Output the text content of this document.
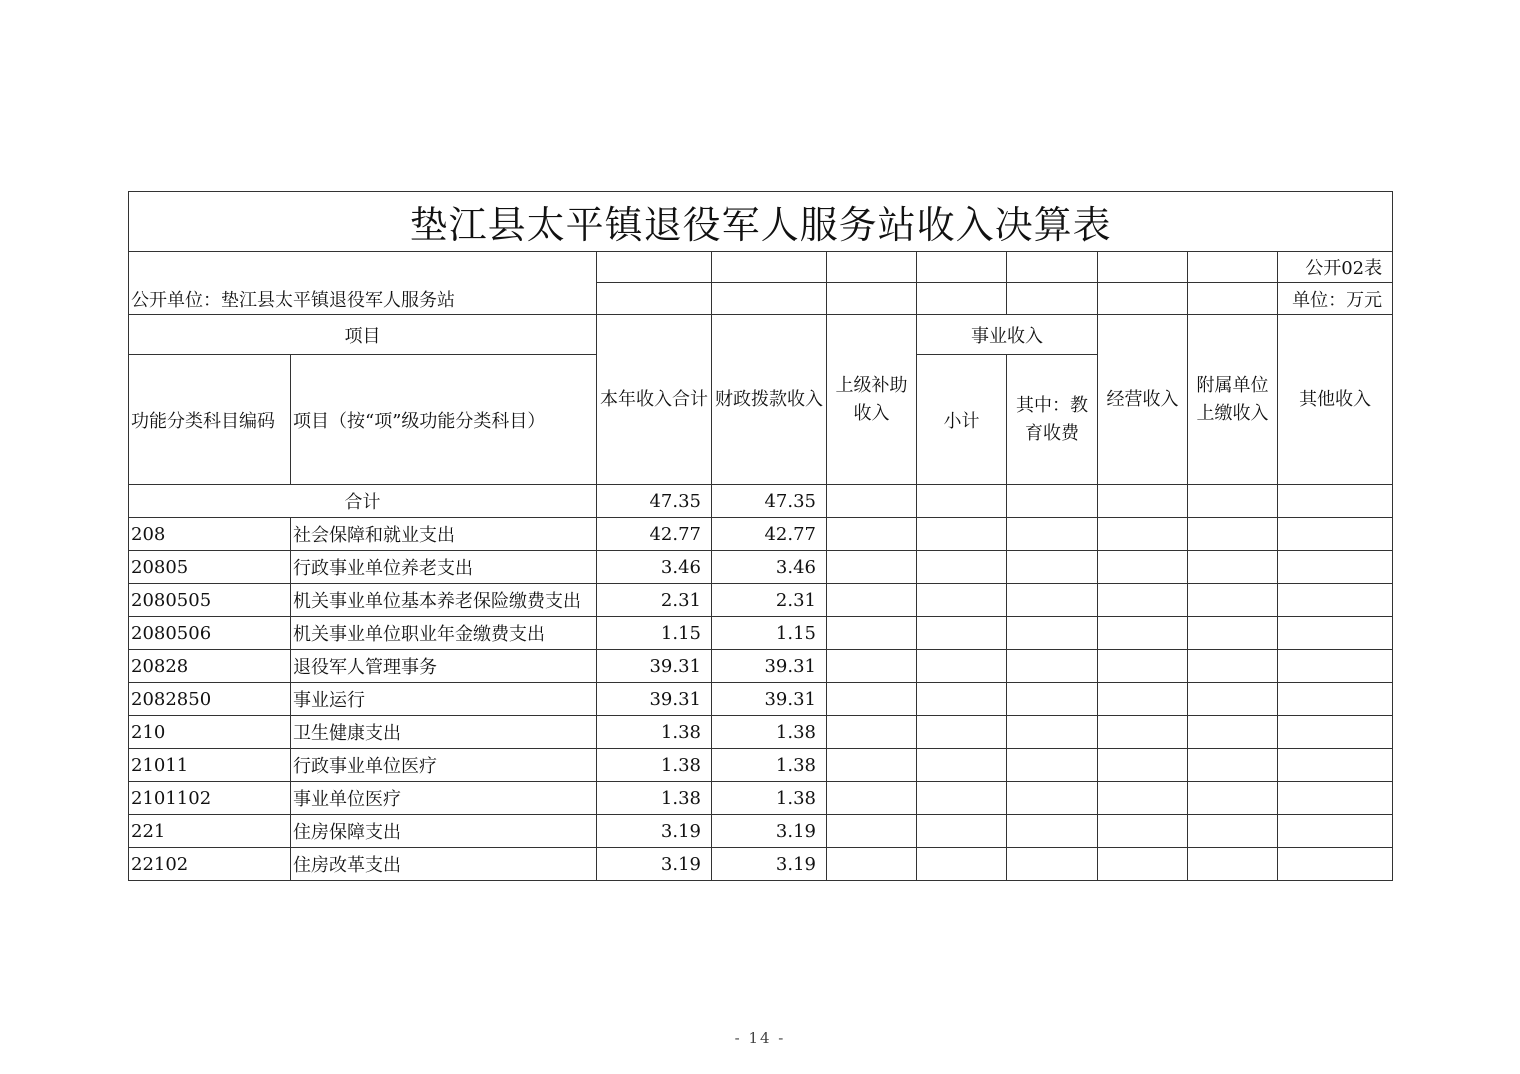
垫江县太平镇退役军人服务站收入决算表									
公开单位：垫江县太平镇退役军人服务站									公开02表
									单位：万元
项目		本年收入合计	财政拨款收入	上级补助收入	事业收入		经营收入	附属单位上缴收入	其他收入
功能分类科目编码	项目（按“项”级功能分类科目）				小计	其中：教育收费			
合计		47.35	47.35						
208	社会保障和就业支出	42.77	42.77						
20805	行政事业单位养老支出	3.46	3.46						
2080505	机关事业单位基本养老保险缴费支出	2.31	2.31						
2080506	机关事业单位职业年金缴费支出	1.15	1.15						
20828	退役军人管理事务	39.31	39.31						
2082850	事业运行	39.31	39.31						
210	卫生健康支出	1.38	1.38						
21011	行政事业单位医疗	1.38	1.38						
2101102	事业单位医疗	1.38	1.38						
221	住房保障支出	3.19	3.19						
22102	住房改革支出	3.19	3.19						
- 14 -
